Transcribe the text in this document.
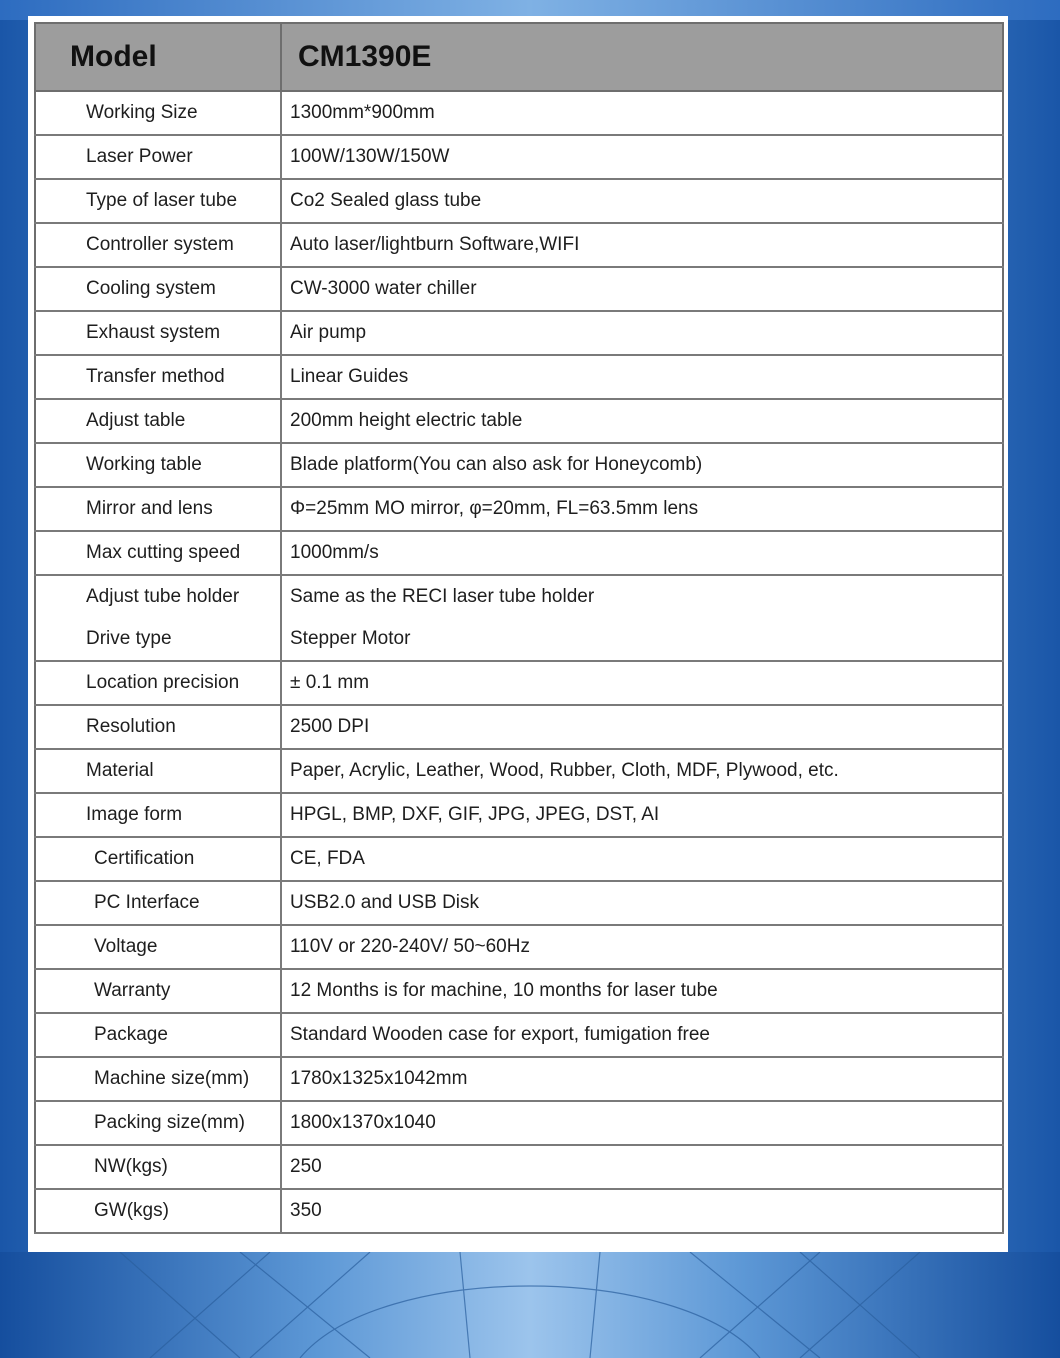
Model	CM1390E
Working Size	1300mm*900mm
Laser Power	100W/130W/150W
Type of laser tube	Co2 Sealed glass tube
Controller system	Auto laser/lightburn Software,WIFI
Cooling system	CW-3000 water chiller
Exhaust system	Air pump
Transfer method	Linear Guides
Adjust table	200mm height electric table
Working table	Blade platform(You can also ask for Honeycomb)
Mirror and lens	Φ=25mm MO mirror, φ=20mm, FL=63.5mm lens
Max cutting speed	1000mm/s
Adjust tube holder	Same as the RECI laser tube holder
Drive type	Stepper Motor
Location precision	± 0.1 mm
Resolution	2500 DPI
Material	Paper, Acrylic, Leather, Wood, Rubber, Cloth, MDF, Plywood, etc.
Image form	HPGL, BMP, DXF, GIF, JPG, JPEG, DST, AI
Certification	CE, FDA
PC Interface	USB2.0 and USB Disk
Voltage	110V or 220-240V/ 50~60Hz
Warranty	12 Months is for machine, 10 months for laser tube
Package	Standard Wooden case for export, fumigation free
Machine size(mm)	1780x1325x1042mm
Packing size(mm)	1800x1370x1040
NW(kgs)	250
GW(kgs)	350
